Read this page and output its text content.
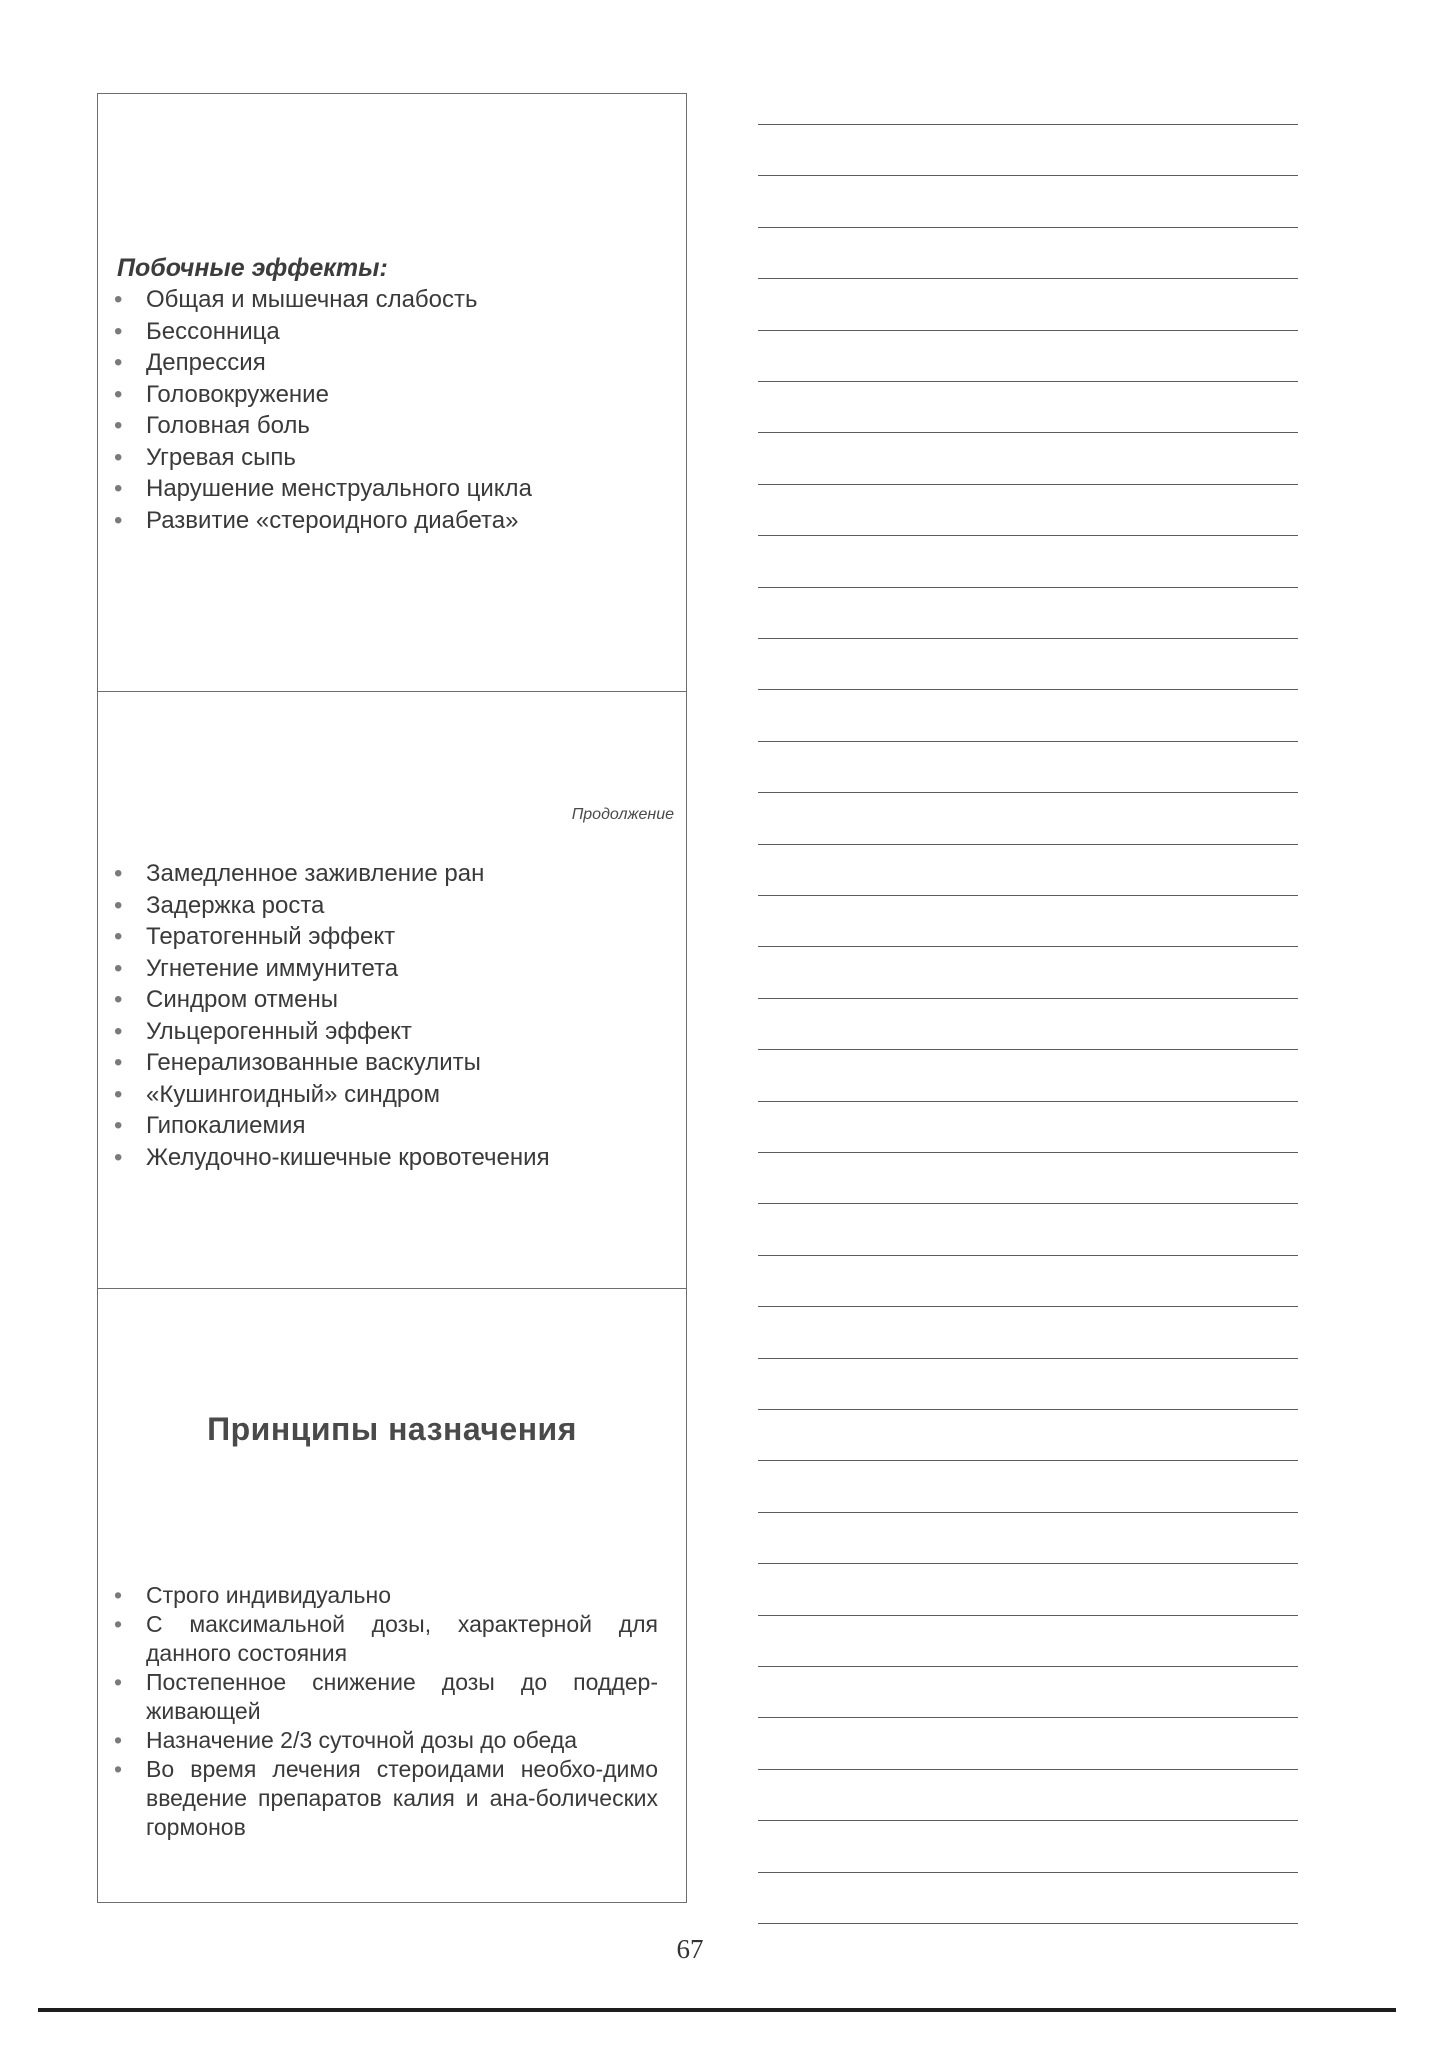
Побочные эффекты:
• Общая и мышечная слабость
• Бессонница
• Депрессия
• Головокружение
• Головная боль
• Угревая сыпь
• Нарушение менструального цикла
• Развитие «стероидного диабета»
Продолжение
• Замедленное заживление ран
• Задержка роста
• Тератогенный эффект
• Угнетение иммунитета
• Синдром отмены
• Ульцерогенный эффект
• Генерализованные васкулиты
• «Кушингоидный» синдром
• Гипокалиемия
• Желудочно-кишечные кровотечения
Принципы назначения
• Строго индивидуально
• С максимальной дозы, характерной для данного состояния
• Постепенное снижение дозы до поддер-живающей
• Назначение 2/3 суточной дозы до обеда
• Во время лечения стероидами необхо-димо введение препаратов калия и ана-болических гормонов
67
